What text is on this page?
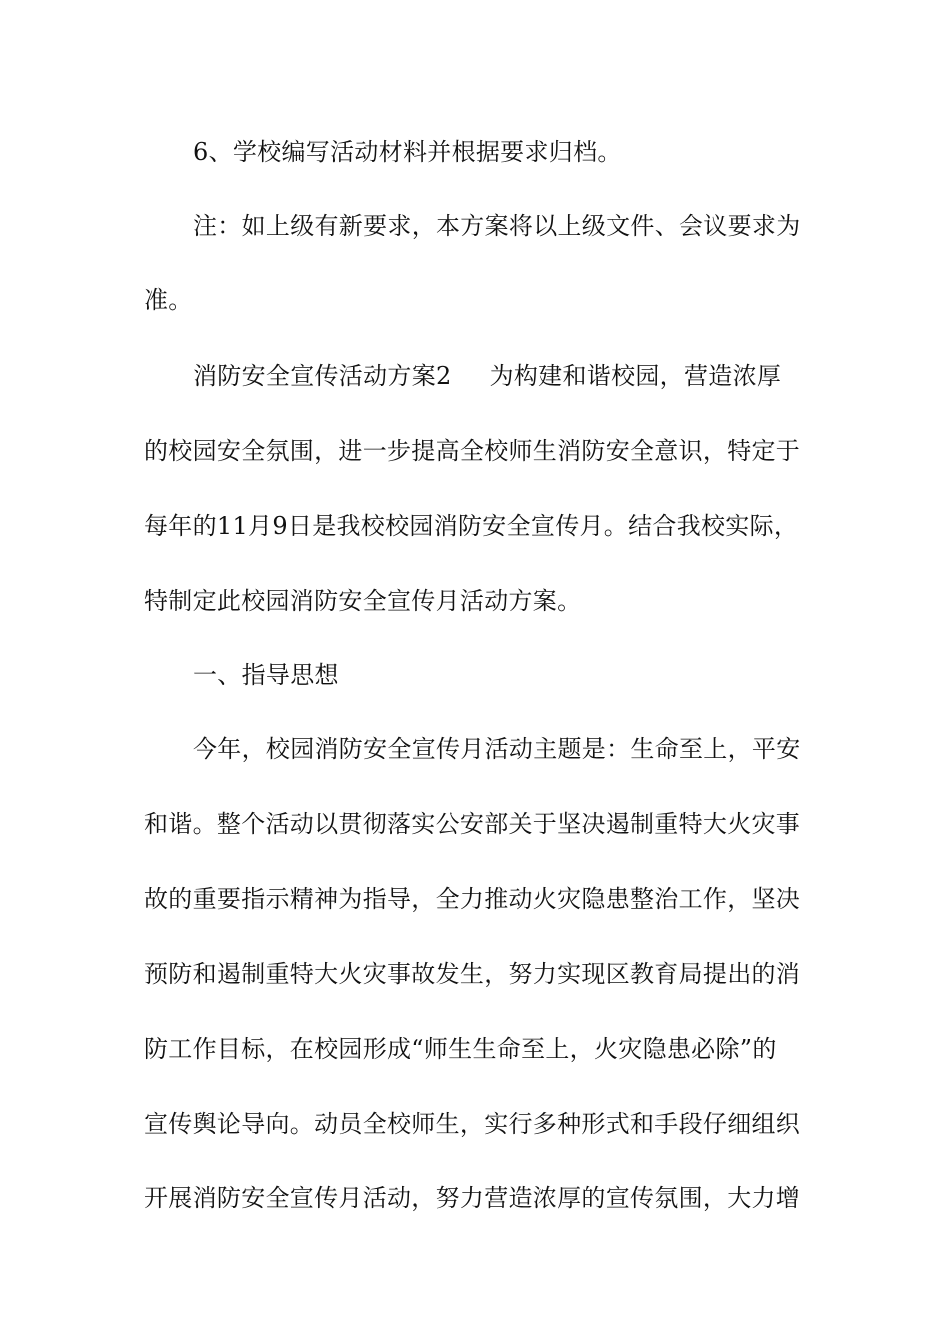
6、学校编写活动材料并根据要求归档。
注：如上级有新要求，本方案将以上级文件、会议要求为
准。
消防安全宣传活动方案2 为构建和谐校园，营造浓厚
的校园安全氛围，进一步提高全校师生消防安全意识，特定于
每年的11月9日是我校校园消防安全宣传月。结合我校实际，
特制定此校园消防安全宣传月活动方案。
一、指导思想
今年，校园消防安全宣传月活动主题是：生命至上，平安
和谐。整个活动以贯彻落实公安部关于坚决遏制重特大火灾事
故的重要指示精神为指导，全力推动火灾隐患整治工作，坚决
预防和遏制重特大火灾事故发生，努力实现区教育局提出的消
防工作目标，在校园形成“师生生命至上，火灾隐患必除”的
宣传舆论导向。动员全校师生，实行多种形式和手段仔细组织
开展消防安全宣传月活动，努力营造浓厚的宣传氛围，大力增
